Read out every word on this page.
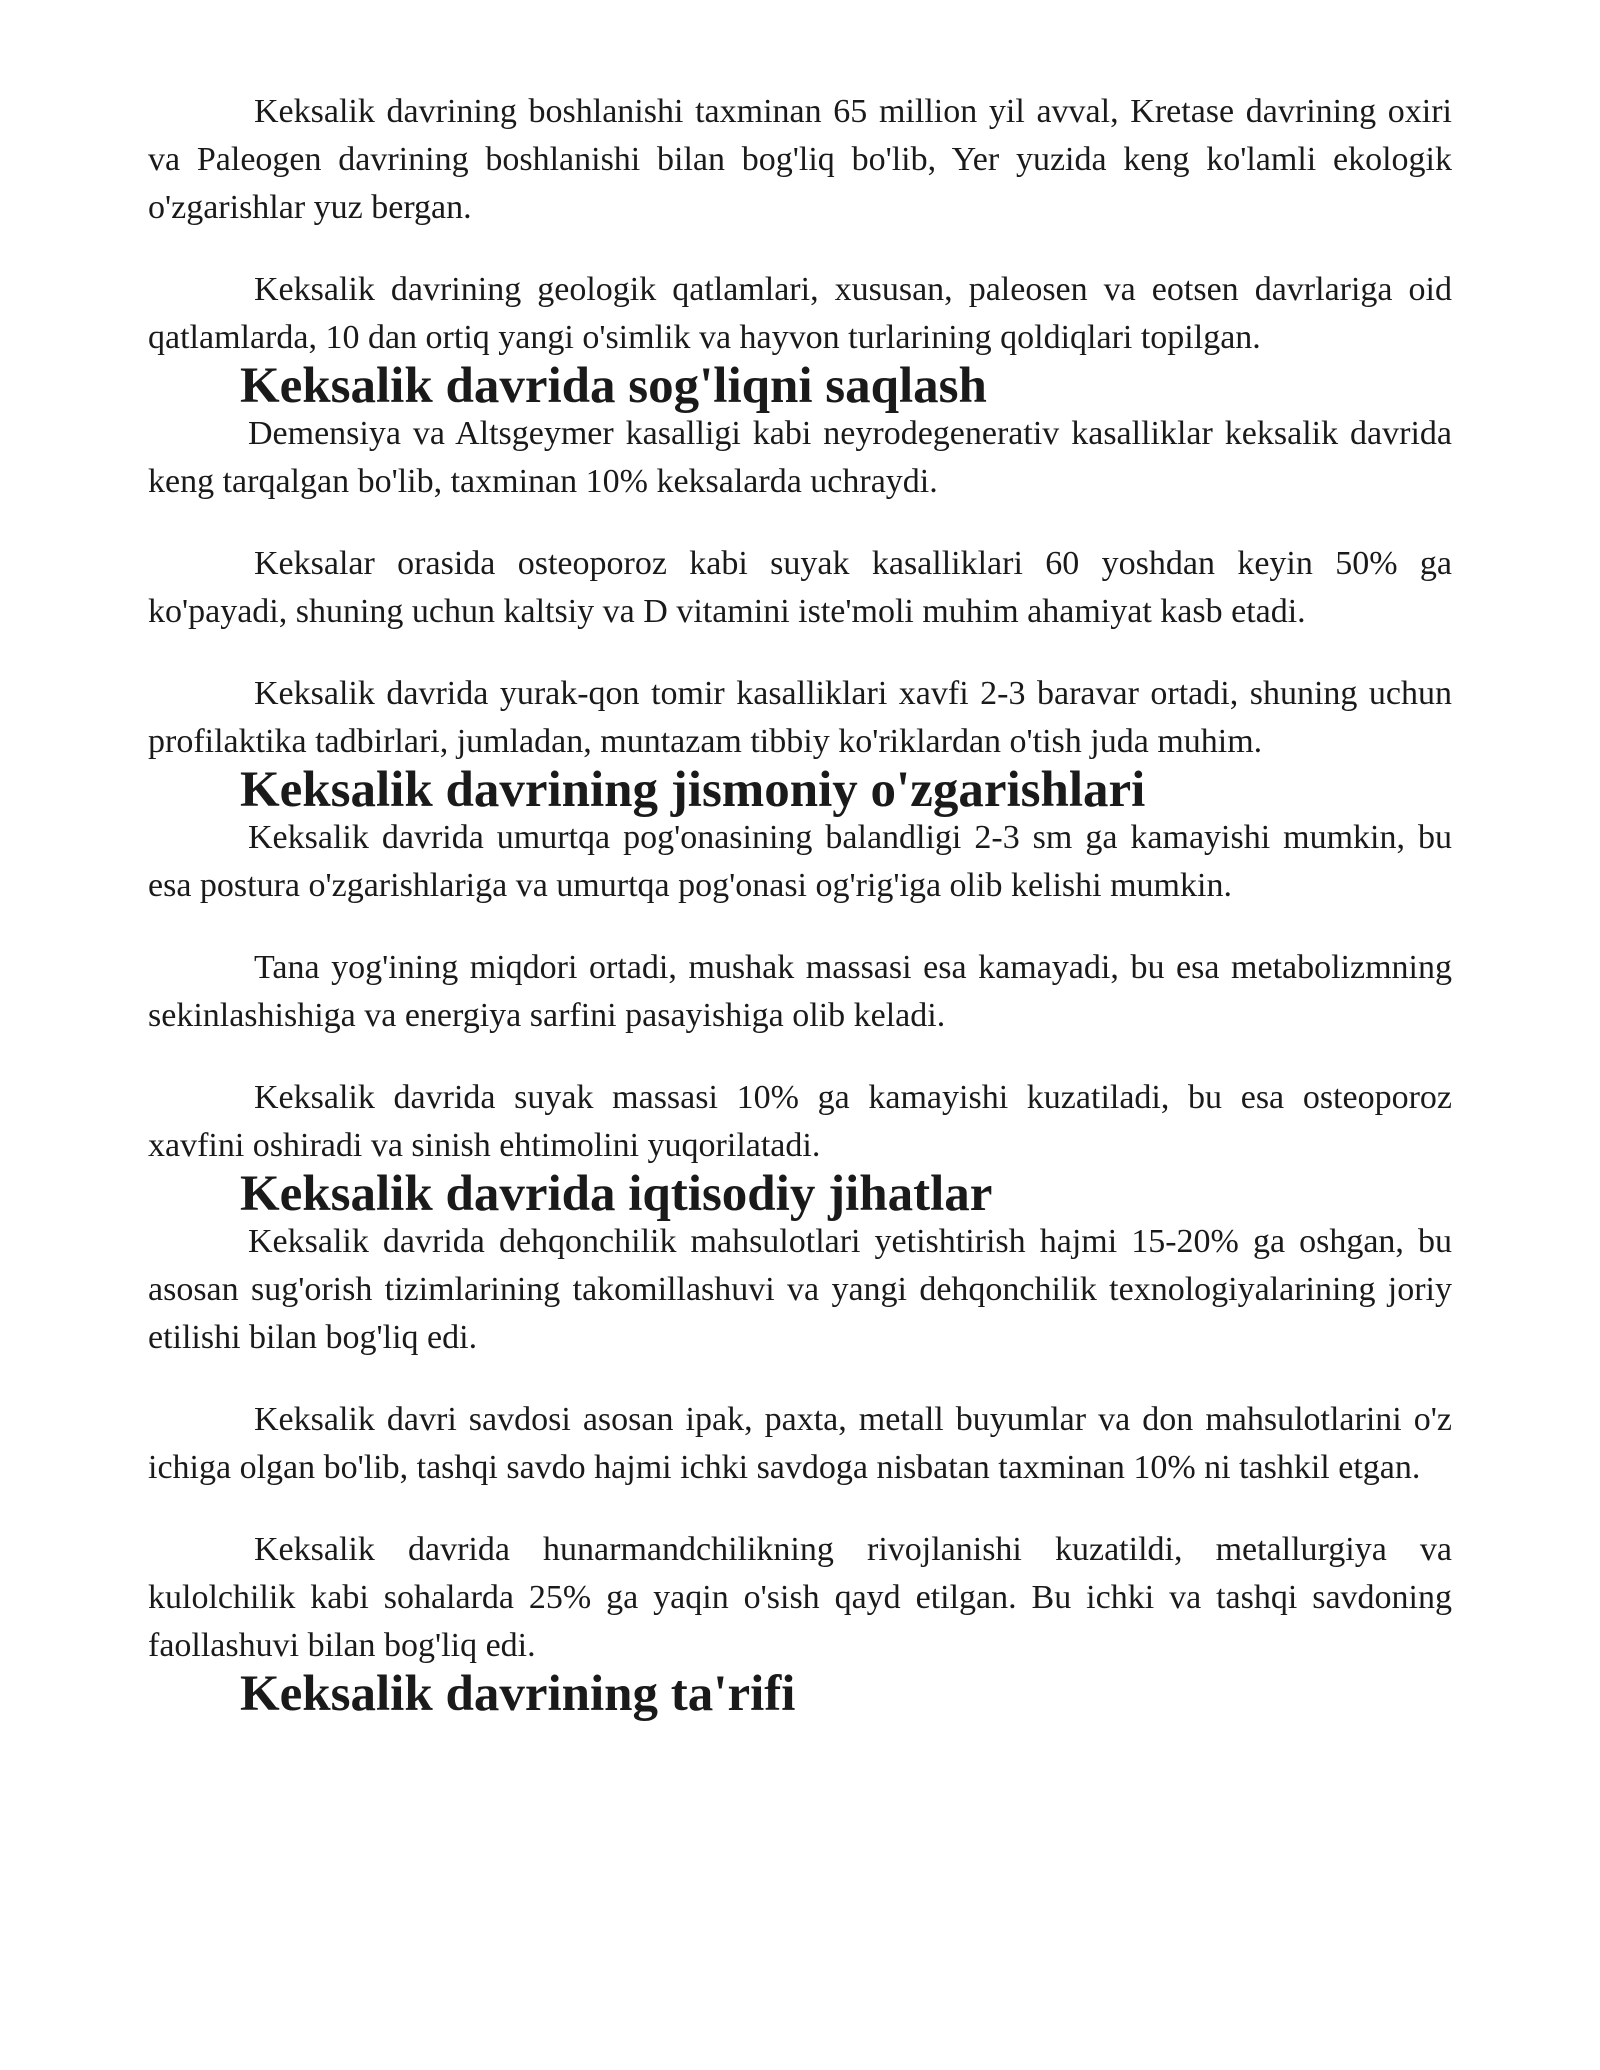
Keksalik davrining boshlanishi taxminan 65 million yil avval, Kretase davrining oxiri va Paleogen davrining boshlanishi bilan bog'liq bo'lib, Yer yuzida keng ko'lamli ekologik o'zgarishlar yuz bergan.

Keksalik davrining geologik qatlamlari, xususan, paleosen va eotsen davrlariga oid qatlamlarda, 10 dan ortiq yangi o'simlik va hayvon turlarining qoldiqlari topilgan.

Keksalik davrida sog'liqni saqlash

Demensiya va Altsgeymer kasalligi kabi neyrodegenerativ kasalliklar keksalik davrida keng tarqalgan bo'lib, taxminan 10% keksalarda uchraydi.

Keksalar orasida osteoporoz kabi suyak kasalliklari 60 yoshdan keyin 50% ga ko'payadi, shuning uchun kaltsiy va D vitamini iste'moli muhim ahamiyat kasb etadi.

Keksalik davrida yurak-qon tomir kasalliklari xavfi 2-3 baravar ortadi, shuning uchun profilaktika tadbirlari, jumladan, muntazam tibbiy ko'riklardan o'tish juda muhim.

Keksalik davrining jismoniy o'zgarishlari

Keksalik davrida umurtqa pog'onasining balandligi 2-3 sm ga kamayishi mumkin, bu esa postura o'zgarishlariga va umurtqa pog'onasi og'rig'iga olib kelishi mumkin.

Tana yog'ining miqdori ortadi, mushak massasi esa kamayadi, bu esa metabolizmning sekinlashishiga va energiya sarfini pasayishiga olib keladi.

Keksalik davrida suyak massasi 10% ga kamayishi kuzatiladi, bu esa osteoporoz xavfini oshiradi va sinish ehtimolini yuqorilatadi.

Keksalik davrida iqtisodiy jihatlar

Keksalik davrida dehqonchilik mahsulotlari yetishtirish hajmi 15-20% ga oshgan, bu asosan sug'orish tizimlarining takomillashuvi va yangi dehqonchilik texnologiyalarining joriy etilishi bilan bog'liq edi.

Keksalik davri savdosi asosan ipak, paxta, metall buyumlar va don mahsulotlarini o'z ichiga olgan bo'lib, tashqi savdo hajmi ichki savdoga nisbatan taxminan 10% ni tashkil etgan.

Keksalik davrida hunarmandchilikning rivojlanishi kuzatildi, metallurgiya va kulolchilik kabi sohalarda 25% ga yaqin o'sish qayd etilgan. Bu ichki va tashqi savdoning faollashuvi bilan bog'liq edi.

Keksalik davrining ta'rifi
